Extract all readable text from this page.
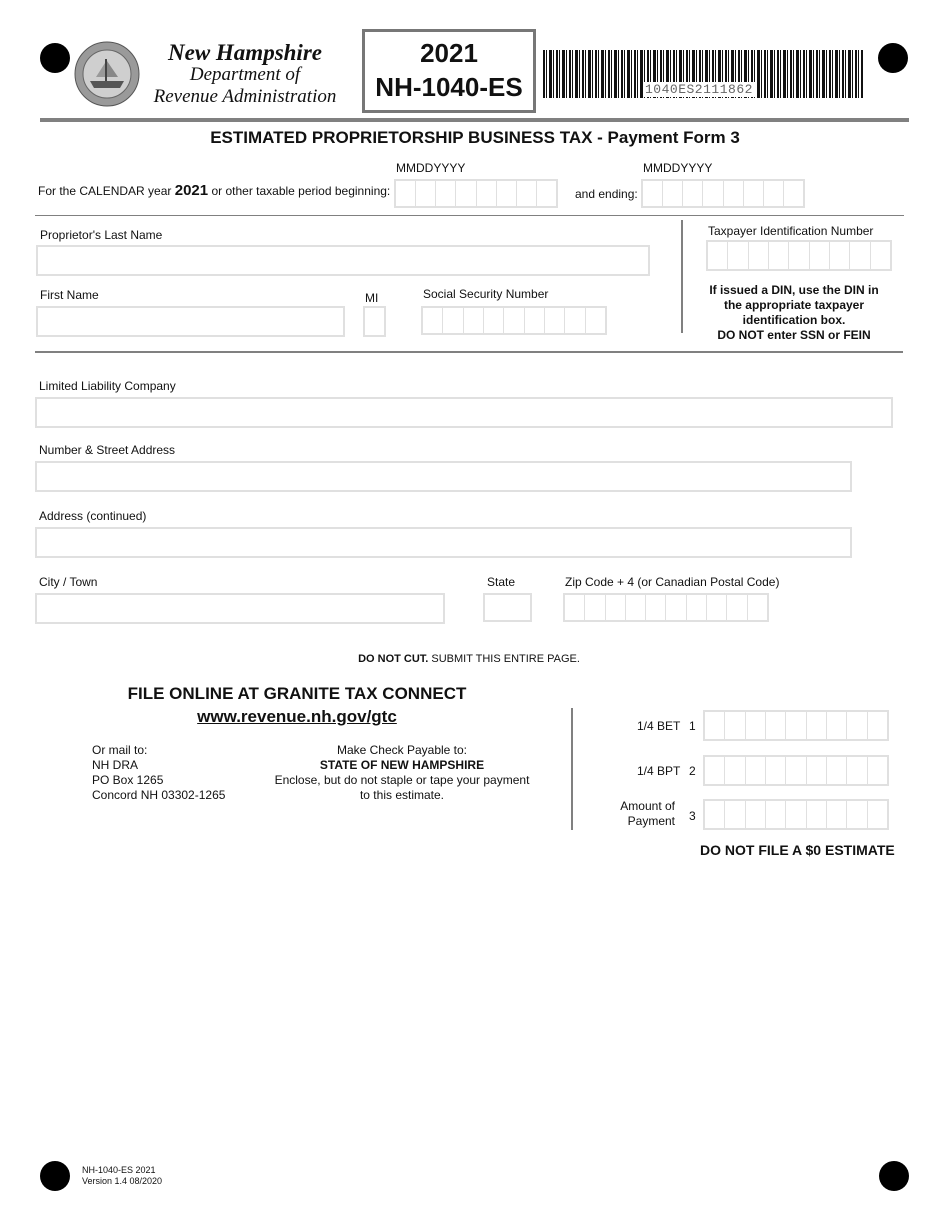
New Hampshire
Department of
Revenue Administration
2021
NH-1040-ES	1040ES2111862
ESTIMATED PROPRIETORSHIP BUSINESS TAX - Payment Form 3
MMDDYYYY	MMDDYYYY
For the CALENDAR year 2021 or other taxable period beginning:	and ending:
Proprietor's Last Name	Taxpayer Identification Number
First Name	MI	Social Security Number	If issued a DIN, use the DIN in
the appropriate taxpayer
identification box.
DO NOT enter SSN or FEIN
Limited Liability Company
Number & Street Address
Address (continued)
City / Town	State	Zip Code + 4 (or Canadian Postal Code)
DO NOT CUT. SUBMIT THIS ENTIRE PAGE.
FILE ONLINE AT GRANITE TAX CONNECT
www.revenue.nh.gov/gtc
Or mail to:
NH DRA
PO Box 1265
Concord NH 03302-1265
Make Check Payable to:
STATE OF NEW HAMPSHIRE
Enclose, but do not staple or tape your payment
to this estimate.
1/4 BET 1
1/4 BPT 2
Amount of
Payment 3
DO NOT FILE A $0 ESTIMATE
NH-1040-ES 2021
Version 1.4 08/2020
